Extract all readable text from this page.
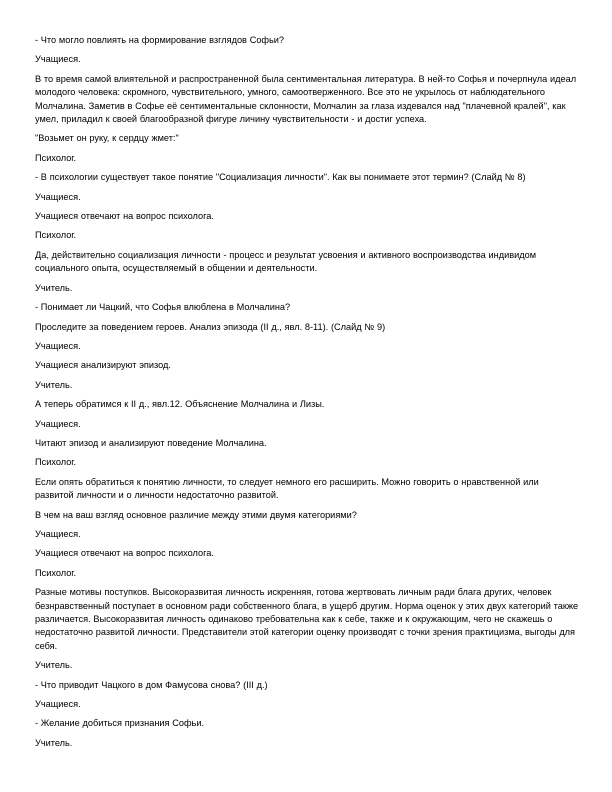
- Что могло повлиять на формирование взглядов Софьи?

Учащиеся.

В то время самой влиятельной и распространенной была сентиментальная литература. В ней-то Софья и почерпнула идеал молодого человека: скромного, чувствительного, умного, самоотверженного. Все это не укрылось от наблюдательного Молчалина. Заметив в Софье её сентиментальные склонности, Молчалин за глаза издевался над "плачевной кралей", как умел, приладил к своей благообразной фигуре личину чувствительности - и достиг успеха.

"Возьмет он руку, к сердцу жмет:"

Психолог.

- В психологии существует такое понятие "Социализация личности". Как вы понимаете этот термин? (Слайд № 8)

Учащиеся.

Учащиеся отвечают на вопрос психолога.

Психолог.

Да, действительно социализация личности - процесс и результат усвоения и активного воспроизводства индивидом социального опыта, осуществляемый в общении и деятельности.

Учитель.

- Понимает ли Чацкий, что Софья влюблена в Молчалина?

Проследите за поведением героев. Анализ эпизода (II д., явл. 8-11). (Слайд № 9)

Учащиеся.

Учащиеся анализируют эпизод.

Учитель.

А теперь обратимся к II д., явл.12. Объяснение Молчалина и Лизы.

Учащиеся.

Читают эпизод и анализируют поведение Молчалина.

Психолог.

Если опять обратиться к понятию личности, то следует немного его расширить. Можно говорить о нравственной или развитой личности и о личности недостаточно развитой.

В чем на ваш взгляд основное различие между этими двумя категориями?

Учащиеся.

Учащиеся отвечают на вопрос психолога.

Психолог.

Разные мотивы поступков. Высокоразвитая личность искренняя, готова жертвовать личным ради блага других, человек безнравственный поступает в основном ради собственного блага, в ущерб другим. Норма оценок у этих двух категорий также различается. Высокоразвитая личность одинаково требовательна как к себе, также и к окружающим, чего не скажешь о недостаточно развитой личности. Представители этой категории оценку производят с точки зрения практицизма, выгоды для себя.

Учитель.

- Что приводит Чацкого в дом Фамусова снова? (III д.)

Учащиеся.

- Желание добиться признания Софьи.

Учитель.
